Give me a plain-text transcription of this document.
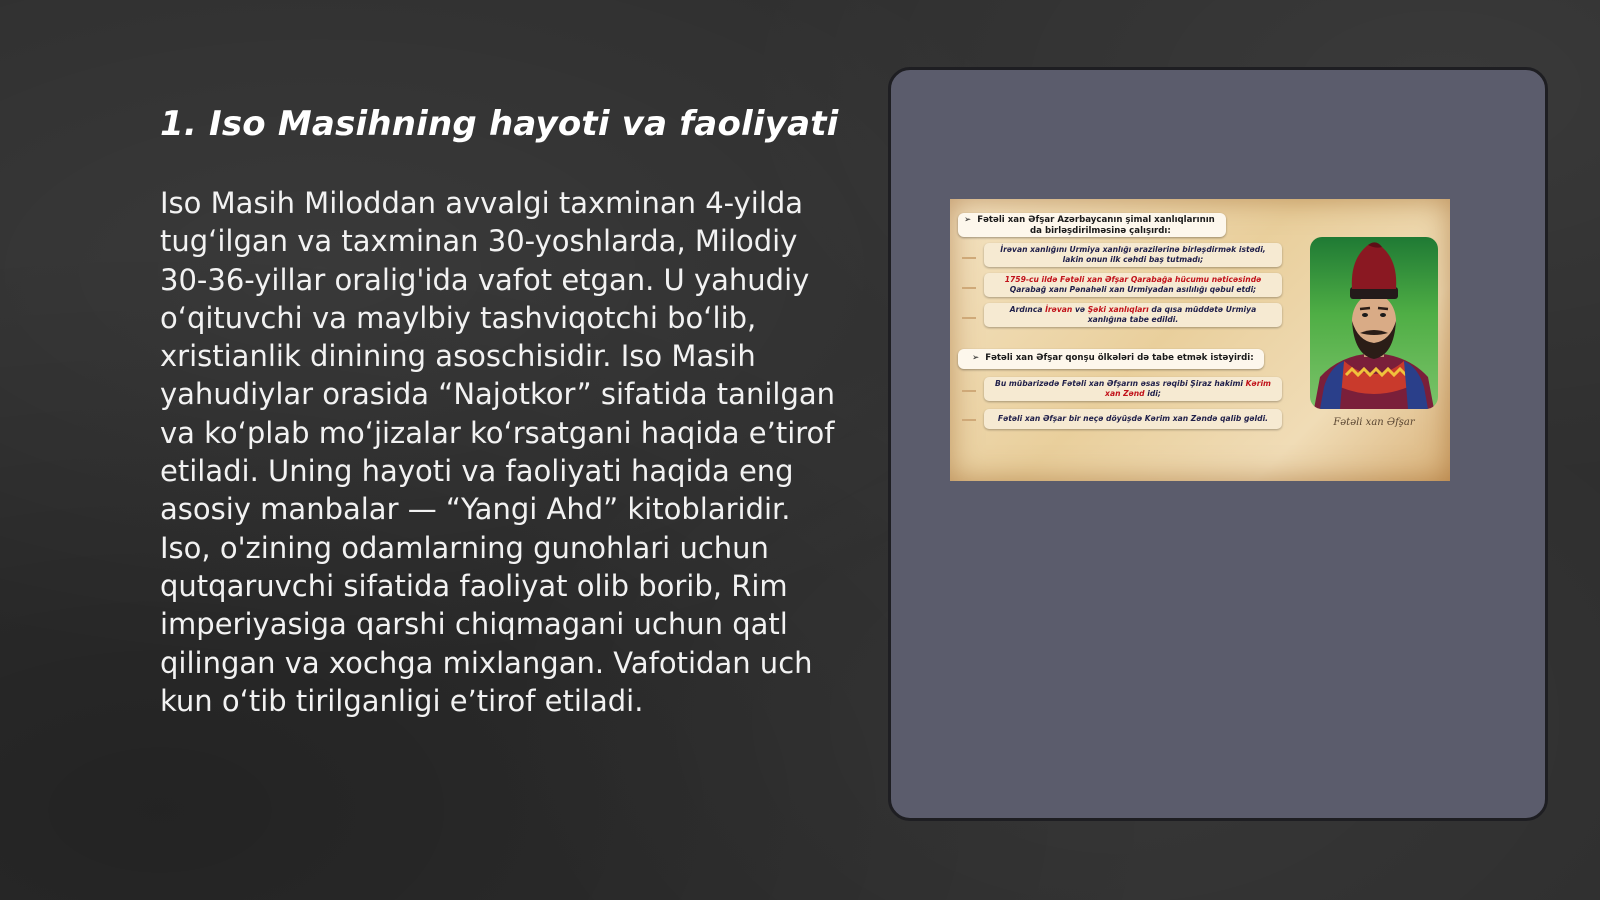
1. Iso Masihning hayoti va faoliyati

Iso Masih Miloddan avvalgi taxminan 4-yilda tug‘ilgan va taxminan 30-yoshlarda, Milodiy 30-36-yillar oralig'ida vafot etgan. U yahudiy o‘qituvchi va maylbiy tashviqotchi bo‘lib, xristianlik dinining asoschisidir. Iso Masih yahudiylar orasida “Najotkor” sifatida tanilgan va ko‘plab mo‘jizalar ko‘rsatgani haqida e’tirof etiladi. Uning hayoti va faoliyati haqida eng asosiy manbalar — “Yangi Ahd” kitoblaridir. Iso, o'zining odamlarning gunohlari uchun qutqaruvchi sifatida faoliyat olib borib, Rim imperiyasiga qarshi chiqmagani uchun qatl qilingan va xochga mixlangan. Vafotidan uch kun o‘tib tirilganligi e’tirof etiladi.

➢ Fәtәli xan Әfşar Azәrbaycanın şimal xanlıqlarının
da birlәşdirilmәsinә çalışırdı:
İrәvan xanlığını Urmiya xanlığı әrazilәrinә birlәşdirmәk istәdi,
lakin onun ilk cәhdi baş tutmadı;
1759-cu ildә Fәtәli xan Әfşar Qarabağa hücumu nәticәsindә
Qarabağ xanı Pәnahәli xan Urmiyadan asılılığı qәbul etdi;
Ardınca İrәvan vә Şәki xanlıqları da qısa müddәtә Urmiya
xanlığına tabe edildi.
➢ Fәtәli xan Әfşar qonşu ölkәlәri dә tabe etmәk istәyirdi:
Bu mübarizәdә Fәtәli xan Әfşarın әsas rәqibi Şiraz hakimi Kәrim
xan Zәnd idi;
Fәtәli xan Әfşar bir neçә döyüşdә Kәrim xan Zәndә qalib gәldi.	Fәtәli xan Әfşar
